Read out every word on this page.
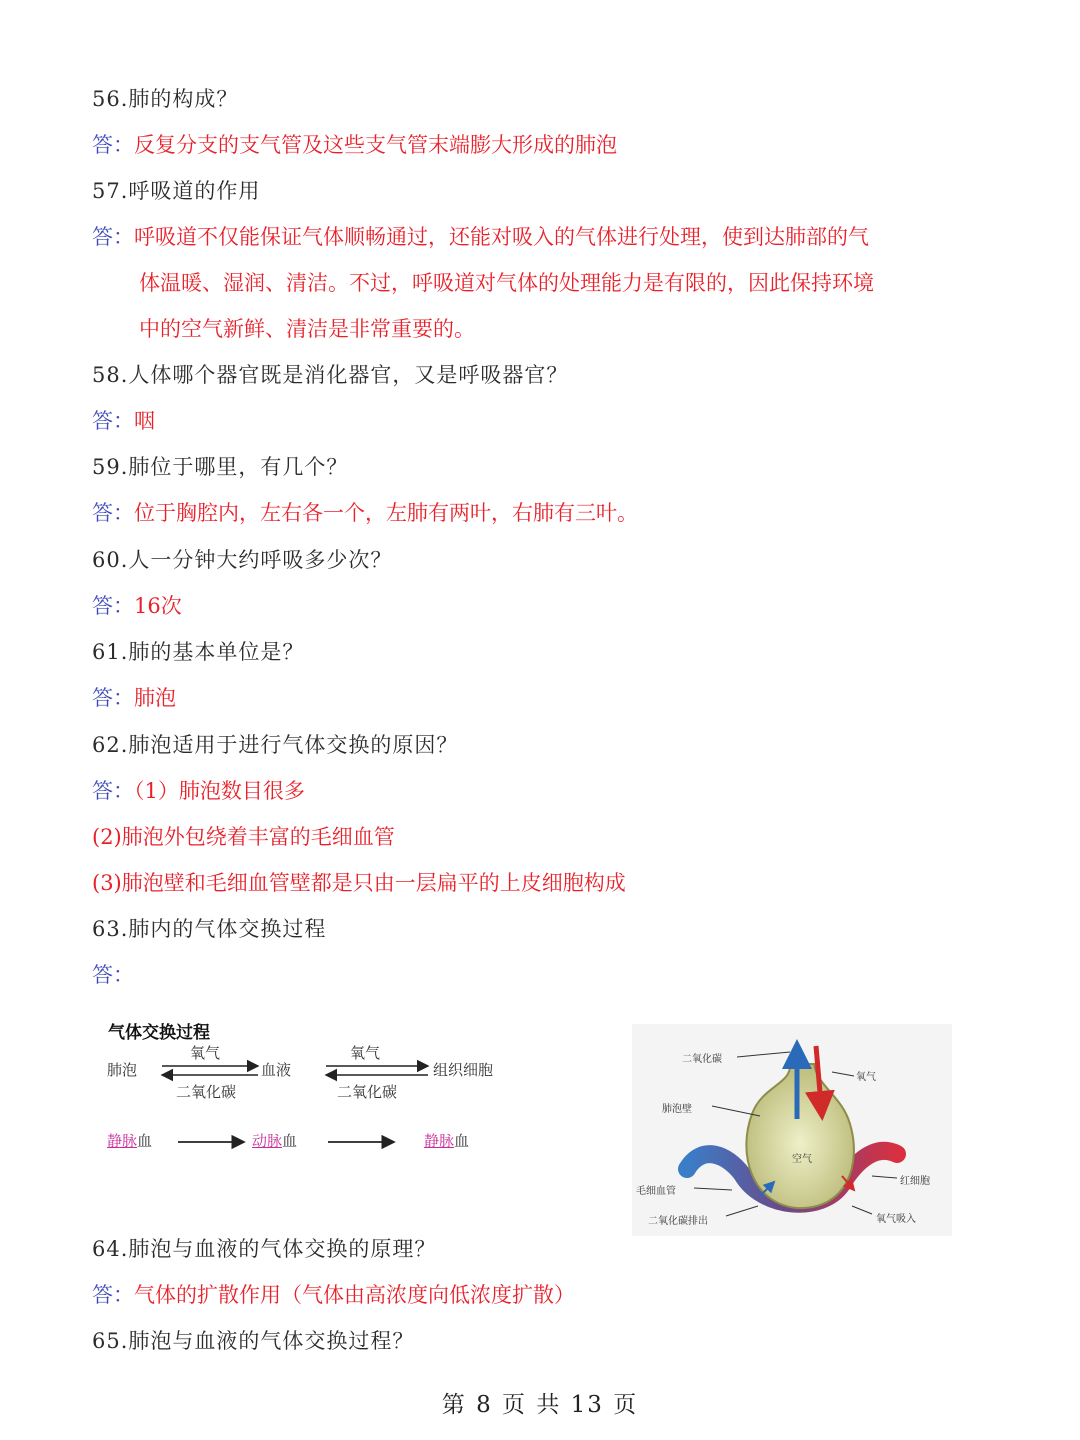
56.肺的构成？
答：反复分支的支气管及这些支气管末端膨大形成的肺泡
57.呼吸道的作用
答：呼吸道不仅能保证气体顺畅通过，还能对吸入的气体进行处理，使到达肺部的气
体温暖、湿润、清洁。不过，呼吸道对气体的处理能力是有限的，因此保持环境
中的空气新鲜、清洁是非常重要的。
58.人体哪个器官既是消化器官，又是呼吸器官？
答：咽
59.肺位于哪里，有几个？
答：位于胸腔内，左右各一个，左肺有两叶，右肺有三叶。
60.人一分钟大约呼吸多少次？
答：16次
61.肺的基本单位是？
答：肺泡
62.肺泡适用于进行气体交换的原因？
答：（1）肺泡数目很多
(2)肺泡外包绕着丰富的毛细血管
(3)肺泡壁和毛细血管壁都是只由一层扁平的上皮细胞构成
63.肺内的气体交换过程
答：
气体交换过程
肺泡
氧气
二氧化碳
血液
氧气
二氧化碳
组织细胞
静脉血	动脉血	静脉血
二氧化碳
氧气
肺泡壁
空气
毛细血管
红细胞
二氧化碳排出	氧气吸入
64.肺泡与血液的气体交换的原理？
答：气体的扩散作用（气体由高浓度向低浓度扩散）
65.肺泡与血液的气体交换过程？
第 8 页 共 13 页
